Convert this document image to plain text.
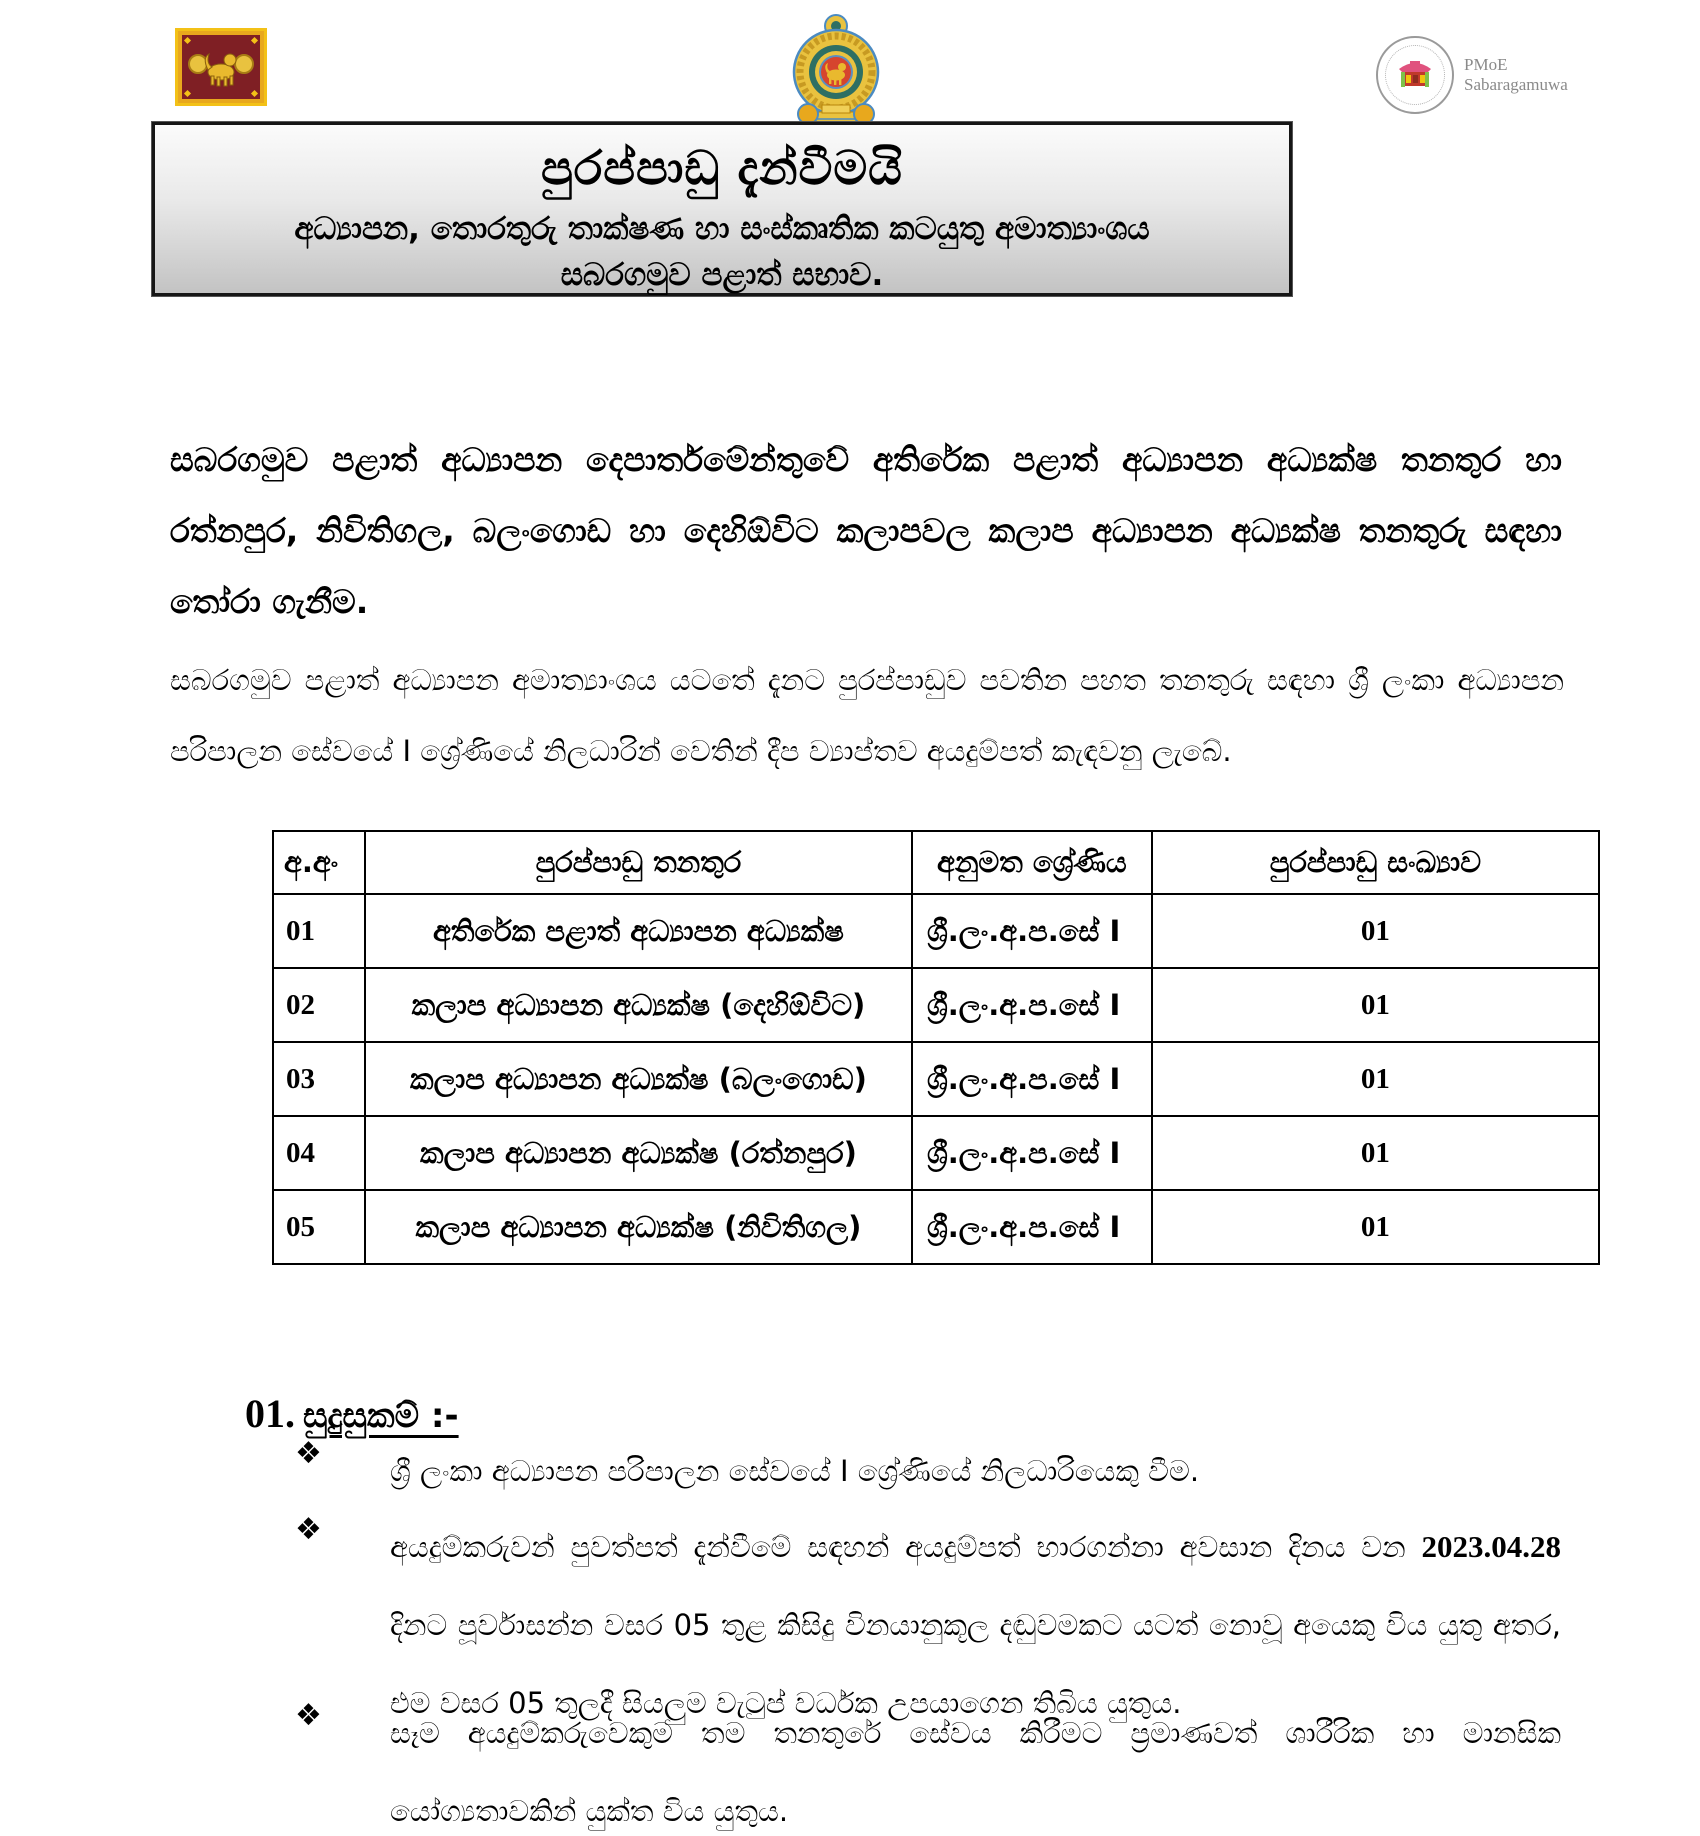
PMoE
Sabaragamuwa
පුරප්පාඩු දැන්වීමයි
අධ්‍යාපන, තොරතුරු තාක්ෂණ හා සංස්කෘතික කටයුතු අමාත්‍යාංශය
සබරගමුව පළාත් සභාව.
සබරගමුව පළාත් අධ්‍යාපන දෙපාර්තමේන්තුවේ අතිරේක පළාත් අධ්‍යාපන අධ්‍යක්ෂ තනතුර හා රත්නපුර, නිවිතිගල, බලංගොඩ හා දෙහිඕවිට කලාපවල කලාප අධ්‍යාපන අධ්‍යක්ෂ තනතුරු සඳහා තෝරා ගැනීම.
සබරගමුව පළාත් අධ්‍යාපන අමාත්‍යාංශය යටතේ දැනට පුරප්පාඩුව පවතින පහත තනතුරු සඳහා ශ්‍රී ලංකා අධ්‍යාපන පරිපාලන සේවයේ I ශ්‍රේණියේ නිලධාරින් වෙතින් දීප ව්‍යාප්තව අයදුම්පත් කැඳවනු ලැබේ.
අ.අං	පුරප්පාඩු තනතුර	අනුමත ශ්‍රේණිය	පුරප්පාඩු සංඛ්‍යාව
01	අතිරේක පළාත් අධ්‍යාපන අධ්‍යක්ෂ	ශ්‍රී.ලං.අ.ප.සේ I	01
02	කලාප අධ්‍යාපන අධ්‍යක්ෂ (දෙහිඕවිට)	ශ්‍රී.ලං.අ.ප.සේ I	01
03	කලාප අධ්‍යාපන අධ්‍යක්ෂ (බලංගොඩ)	ශ්‍රී.ලං.අ.ප.සේ I	01
04	කලාප අධ්‍යාපන අධ්‍යක්ෂ (රත්නපුර)	ශ්‍රී.ලං.අ.ප.සේ I	01
05	කලාප අධ්‍යාපන අධ්‍යක්ෂ (නිවිතිගල)	ශ්‍රී.ලං.අ.ප.සේ I	01
01. සුදුසුකම් :-
❖ ශ්‍රී ලංකා අධ්‍යාපන පරිපාලන සේවයේ I ශ්‍රේණියේ නිලධාරියෙකු වීම.
❖ අයදුම්කරුවන් පුවත්පත් දැන්වීමේ සඳහන් අයදුම්පත් භාරගන්නා අවසාන දිනය වන 2023.04.28 දිනට පූර්වාසන්න වසර 05 තුළ කිසිදු විනයානුකූල දඬුවමකට යටත් නොවූ අයෙකු විය යුතු අතර, එම වසර 05 තුලදී සියලුම වැටුප් වර්ධක උපයාගෙන තිබිය යුතුය.
❖ සෑම අයදුම්කරුවෙකුම තම තනතුරේ සේවය කිරීමට ප්‍රමාණවත් ශාරීරික හා මානසික යෝග්‍යතාවකින් යුක්ත විය යුතුය.
